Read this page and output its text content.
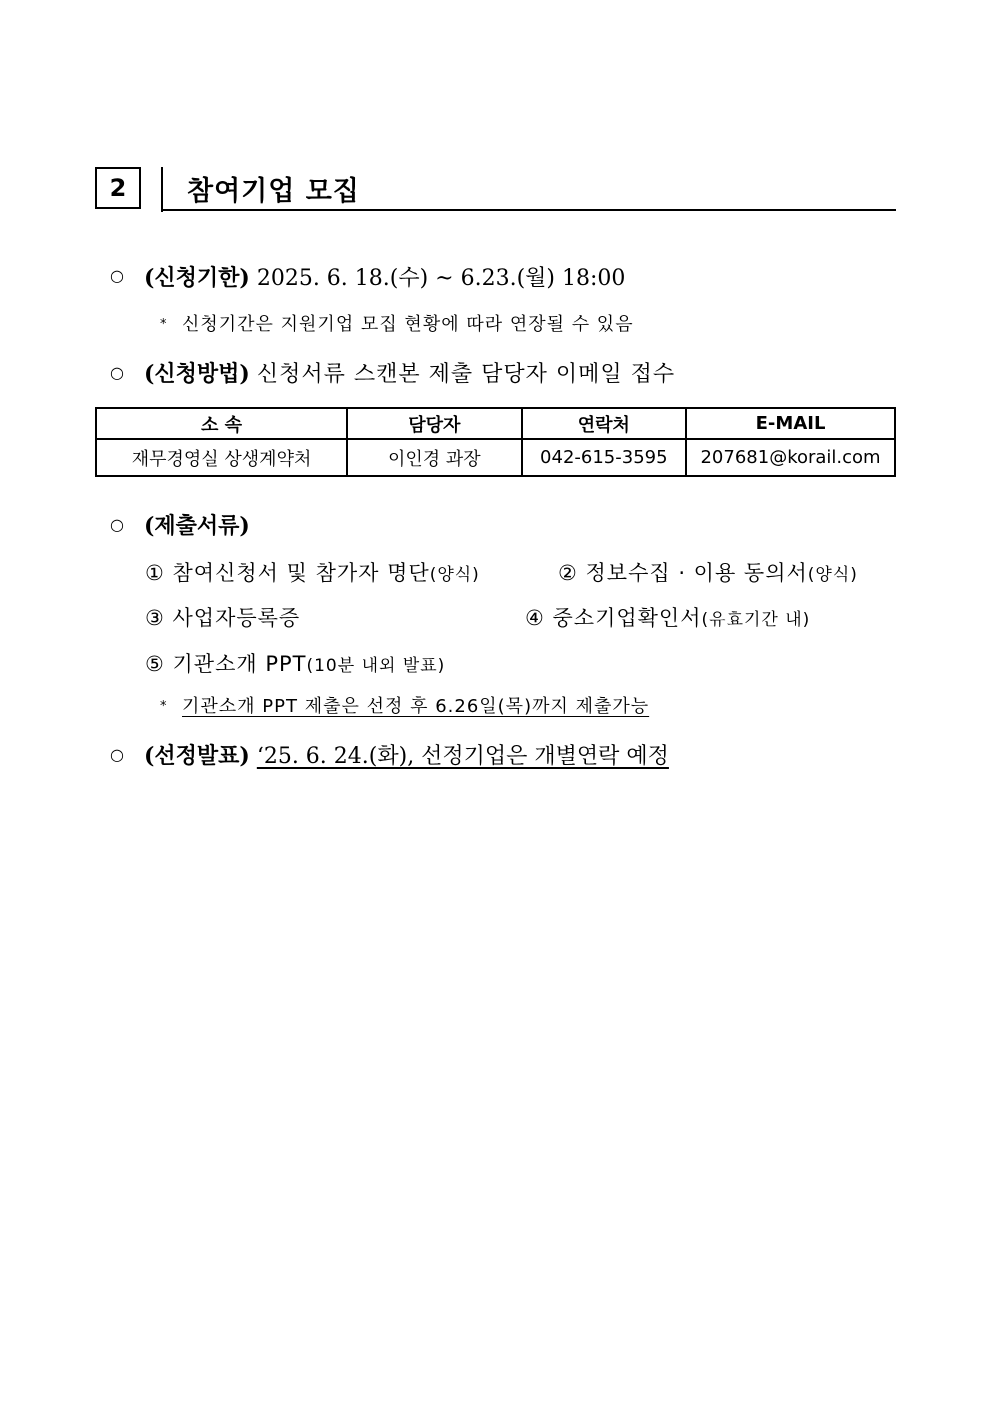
2	참여기업 모집
○ (신청기한) 2025. 6. 18.(수) ~ 6.23.(월) 18:00
* 신청기간은 지원기업 모집 현황에 따라 연장될 수 있음
○ (신청방법) 신청서류 스캔본 제출 담당자 이메일 접수
소 속	담당자	연락처	E-MAIL
재무경영실 상생계약처	이인경 과장	042-615-3595	207681@korail.com
○ (제출서류)
① 참여신청서 및 참가자 명단(양식)	② 정보수집 · 이용 동의서(양식)
③ 사업자등록증	④ 중소기업확인서(유효기간 내)
⑤ 기관소개 PPT(10분 내외 발표)
* 기관소개 PPT 제출은 선정 후 6.26일(목)까지 제출가능
○ (선정발표) ‘25. 6. 24.(화), 선정기업은 개별연락 예정
